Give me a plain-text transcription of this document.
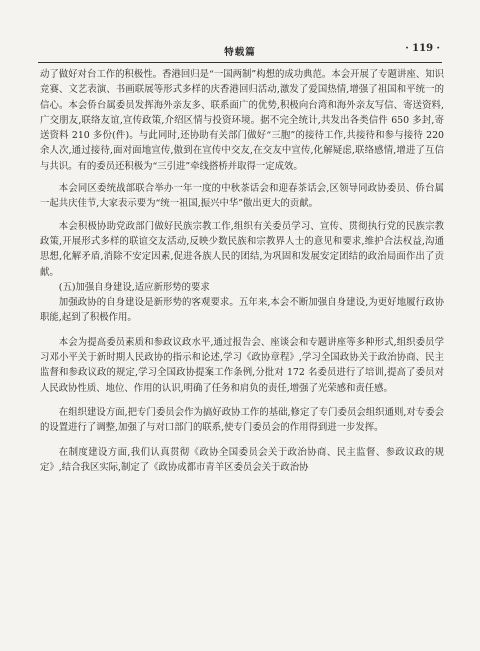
特载篇	· 119 ·

动了做好对台工作的积极性。香港回归是“一国两制”构想的成功典范。本会开展了专题讲座、知识竞赛、文艺表演、书画联展等形式多样的庆香港回归活动,激发了爱国热情,增强了祖国和平统一的信心。本会侨台属委员发挥海外亲友多、联系面广的优势,积极向台湾和海外亲友写信、寄送资料,广交朋友,联络友谊,宣传政策,介绍区情与投资环境。据不完全统计,共发出各类信件 650 多封,寄送资料 210 多份(件)。与此同时,还协助有关部门做好“三胞”的接待工作,共接待和参与接待 220 余人次,通过接待,面对面地宣传,傲到在宣传中交友,在交友中宣传,化解疑虑,联络感情,增进了互信与共识。有的委员还积极为“三引进”牵线搭桥并取得一定成效。

本会同区委统战部联合举办一年一度的中秋茶话会和迎春茶话会,区领导同政协委员、侨台属一起共庆佳节,大家表示要为“统一祖国,振兴中华”傲出更大的贡献。

本会积极协助党政部门做好民族宗教工作,组织有关委员学习、宣传、贯彻执行党的民族宗教政策,开展形式多样的联谊交友活动,反映少数民族和宗教界人士的意见和要求,维护合法权益,沟通思想,化解矛盾,消除不安定因素,促进各族人民的团结,为巩固和发展安定团结的政治局面作出了贡献。

(五)加强自身建设,适应新形势的要求

加强政协的自身建设是新形势的客观要求。五年来,本会不断加强自身建设,为更好地履行政协职能,起到了积极作用。

本会为提高委员素质和参政议政水平,通过报告会、座谈会和专题讲座等多种形式,组织委员学习邓小平关于新时期人民政协的指示和论述,学习《政协章程》,学习全国政协关于政治协商、民主监督和参政议政的规定,学习全国政协提案工作条例,分批对 172 名委员进行了培训,提高了委员对人民政协性质、地位、作用的认识,明确了任务和肩负的责任,增强了光荣感和责任感。

在组织建设方面,把专门委员会作为搞好政协工作的基础,修定了专门委员会组织通则,对专委会的设置进行了调整,加强了与对口部门的联系,使专门委员会的作用得到进一步发挥。

在制度建设方面,我们认真贯彻《政协全国委员会关于政治协商、民主监督、参政议政的规定》,结合我区实际,制定了《政协成都市青羊区委员会关于政治协
